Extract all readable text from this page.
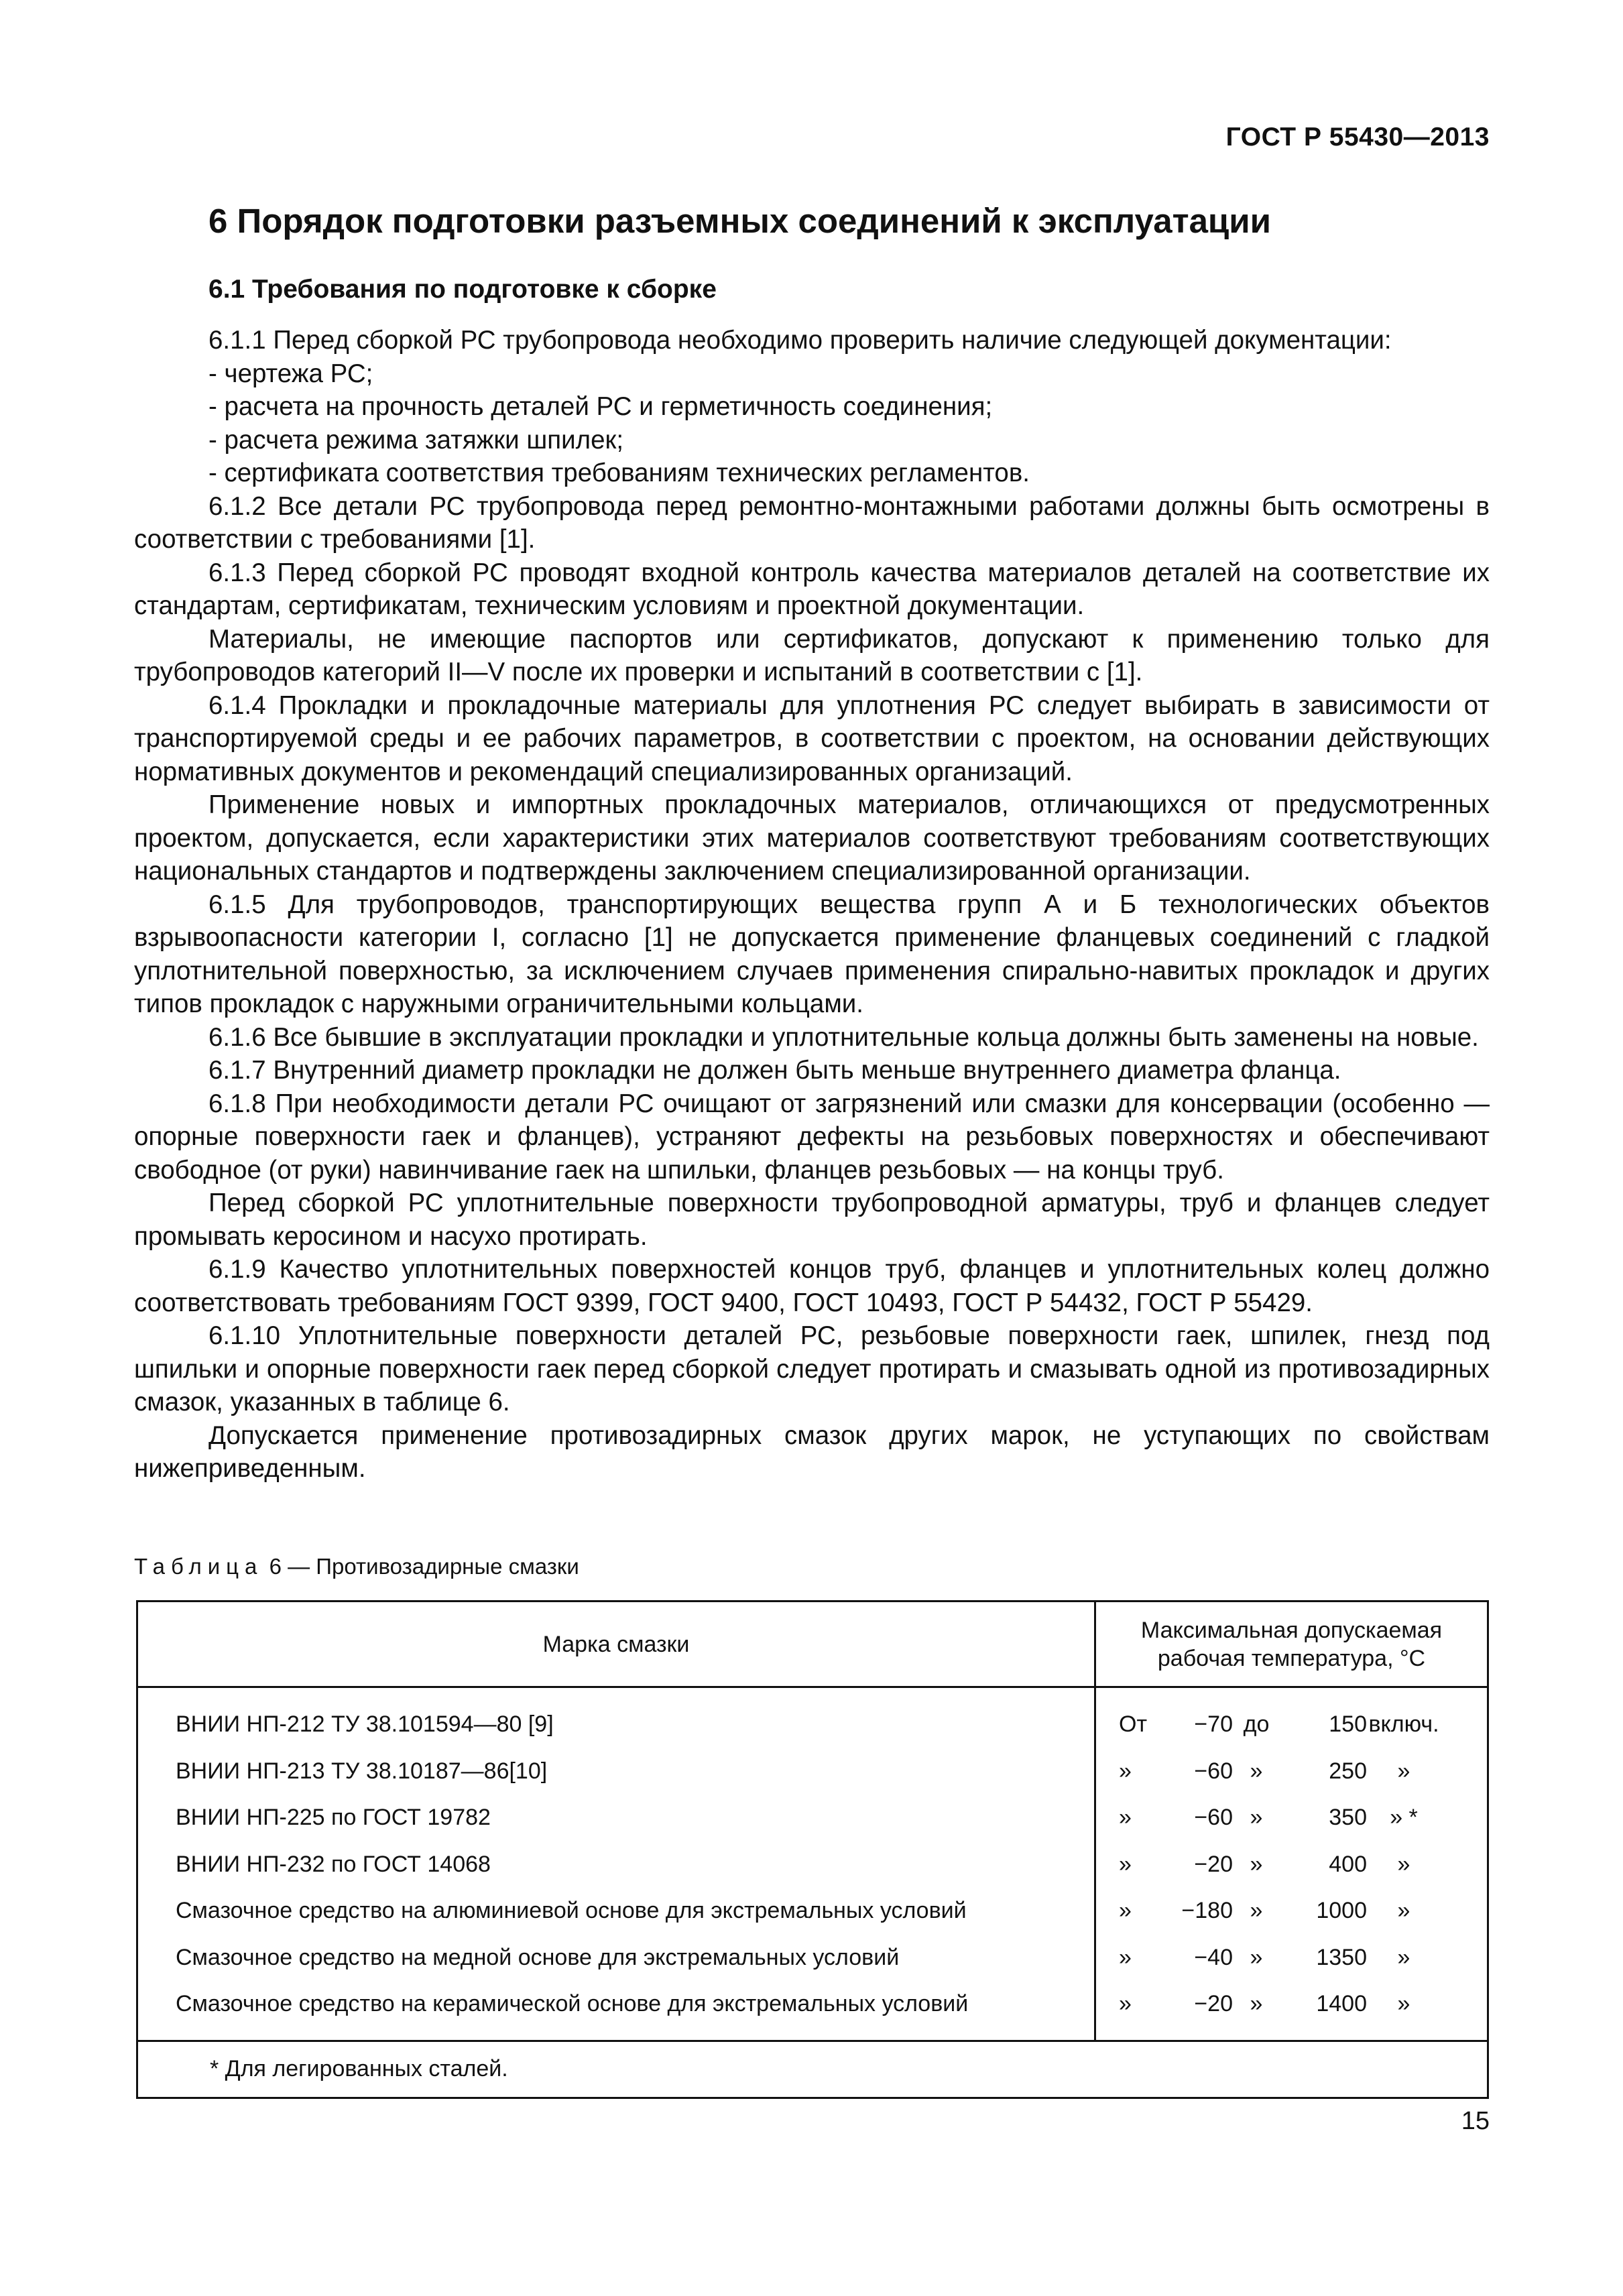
ГОСТ Р 55430—2013
6 Порядок подготовки разъемных соединений к эксплуатации
6.1 Требования по подготовке к сборке

6.1.1 Перед сборкой РС трубопровода необходимо проверить наличие следующей документации:

- чертежа РС;

- расчета на прочность деталей РС и герметичность соединения;

- расчета режима затяжки шпилек;

- сертификата соответствия требованиям технических регламентов.

6.1.2 Все детали РС трубопровода перед ремонтно-монтажными работами должны быть осмотрены в соответствии с требованиями [1].

6.1.3 Перед сборкой РС проводят входной контроль качества материалов деталей на соответствие их стандартам, сертификатам, техническим условиям и проектной документации.

Материалы, не имеющие паспортов или сертификатов, допускают к применению только для трубопроводов категорий II—V после их проверки и испытаний в соответствии с [1].

6.1.4 Прокладки и прокладочные материалы для уплотнения РС следует выбирать в зависимости от транспортируемой среды и ее рабочих параметров, в соответствии с проектом, на основании действующих нормативных документов и рекомендаций специализированных организаций.

Применение новых и импортных прокладочных материалов, отличающихся от предусмотренных проектом, допускается, если характеристики этих материалов соответствуют требованиям соответствующих национальных стандартов и подтверждены заключением специализированной организации.

6.1.5 Для трубопроводов, транспортирующих вещества групп А и Б технологических объектов взрывоопасности категории I, согласно [1] не допускается применение фланцевых соединений с гладкой уплотнительной поверхностью, за исключением случаев применения спирально-навитых прокладок и других типов прокладок с наружными ограничительными кольцами.

6.1.6 Все бывшие в эксплуатации прокладки и уплотнительные кольца должны быть заменены на новые.

6.1.7 Внутренний диаметр прокладки не должен быть меньше внутреннего диаметра фланца.

6.1.8 При необходимости детали РС очищают от загрязнений или смазки для консервации (особенно — опорные поверхности гаек и фланцев), устраняют дефекты на резьбовых поверхностях и обеспечивают свободное (от руки) навинчивание гаек на шпильки, фланцев резьбовых — на концы труб.

Перед сборкой РС уплотнительные поверхности трубопроводной арматуры, труб и фланцев следует промывать керосином и насухо протирать.

6.1.9 Качество уплотнительных поверхностей концов труб, фланцев и уплотнительных колец должно соответствовать требованиям ГОСТ 9399, ГОСТ 9400, ГОСТ 10493, ГОСТ Р 54432, ГОСТ Р 55429.

6.1.10 Уплотнительные поверхности деталей РС, резьбовые поверхности гаек, шпилек, гнезд под шпильки и опорные поверхности гаек перед сборкой следует протирать и смазывать одной из противозадирных смазок, указанных в таблице 6.

Допускается применение противозадирных смазок других марок, не уступающих по свойствам нижеприведенным.

Таблица 6 — Противозадирные смазки
Марка смазки	Максимальная допускаемая
рабочая температура, °С
ВНИИ НП-212 ТУ 38.101594—80 [9]	От −70 до 150 включ.

ВНИИ НП-213 ТУ 38.10187—86[10]	» −60 » 250 »

ВНИИ НП-225 по ГОСТ 19782	» −60 » 350 » *

ВНИИ НП-232 по ГОСТ 14068	» −20 » 400 »

Смазочное средство на алюминиевой основе для экстремальных условий	» −180 » 1000 »

Смазочное средство на медной основе для экстремальных условий	» −40 » 1350 »

Смазочное средство на керамической основе для экстремальных условий	» −20 » 1400 »

* Для легированных сталей.	
15
